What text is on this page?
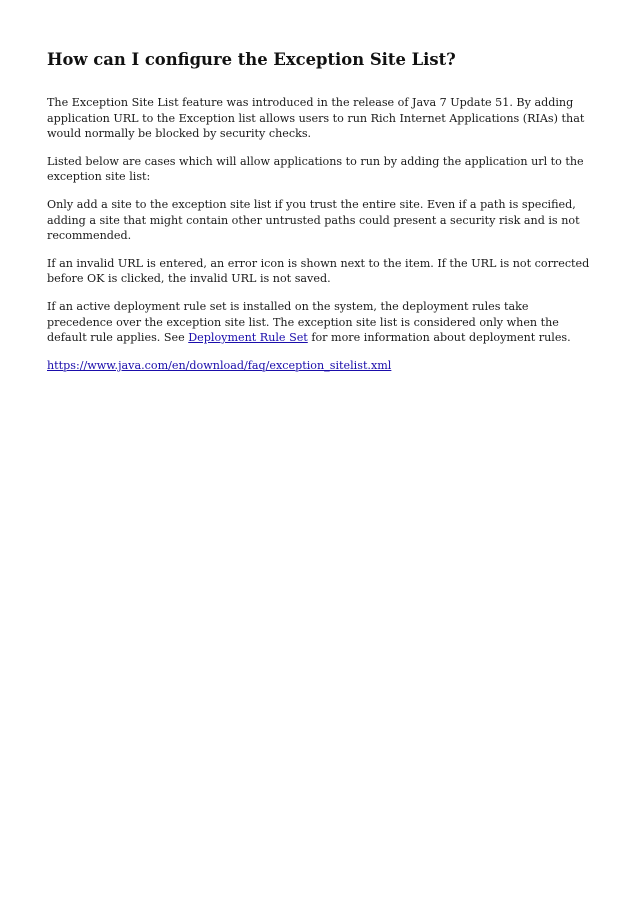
How can I configure the Exception Site List?

The Exception Site List feature was introduced in the release of Java 7 Update 51. By adding application URL to the Exception list allows users to run Rich Internet Applications (RIAs) that would normally be blocked by security checks.

Listed below are cases which will allow applications to run by adding the application url to the exception site list:

Only add a site to the exception site list if you trust the entire site. Even if a path is specified, adding a site that might contain other untrusted paths could present a security risk and is not recommended.

If an invalid URL is entered, an error icon is shown next to the item. If the URL is not corrected before OK is clicked, the invalid URL is not saved.

If an active deployment rule set is installed on the system, the deployment rules take precedence over the exception site list. The exception site list is considered only when the default rule applies. See Deployment Rule Set for more information about deployment rules.

https://www.java.com/en/download/faq/exception_sitelist.xml
